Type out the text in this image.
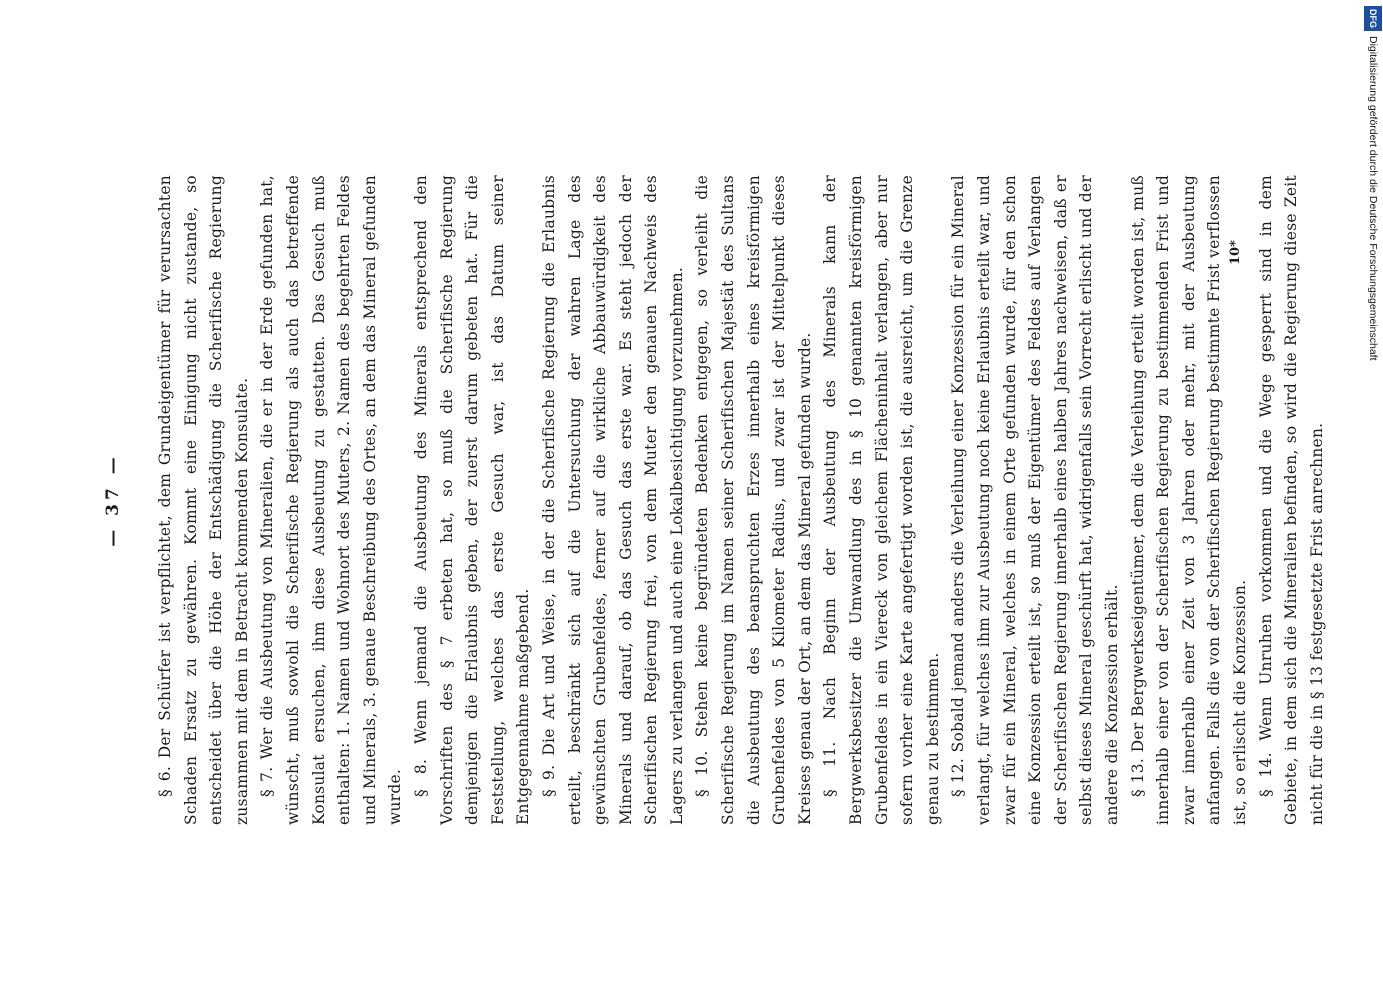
— 37 — § 6. Der Schürfer ist verpflichtet, dem Grundeigentümer für verursachten Schaden Ersatz zu gewähren. Kommt eine Einigung nicht zustande, so entscheidet über die Höhe der Entschädigung die Scherifische Regierung zusammen mit dem in Betracht kommenden Konsulate. § 7. Wer die Ausbeutung von Mineralien, die er in der Erde gefunden hat, wünscht, muß sowohl die Scherifische Regierung als auch das betreffende Konsulat ersuchen, ihm diese Ausbeutung zu gestatten. Das Gesuch muß enthalten: 1. Namen und Wohnort des Muters, 2. Namen des begehrten Feldes und Minerals, 3. genaue Beschreibung des Ortes, an dem das Mineral gefunden wurde. § 8. Wenn jemand die Ausbeutung des Minerals entsprechend den Vorschriften des § 7 erbeten hat, so muß die Scherifische Regierung demjenigen die Erlaubnis geben, der zuerst darum gebeten hat. Für die Feststellung, welches das erste Gesuch war, ist das Datum seiner Entgegennahme maßgebend. § 9. Die Art und Weise, in der die Scherifische Regierung die Erlaubnis erteilt, beschränkt sich auf die Untersuchung der wahren Lage des gewünschten Grubenfeldes, ferner auf die wirkliche Abbauwürdigkeit des Minerals und darauf, ob das Gesuch das erste war. Es steht jedoch der Scherifischen Regierung frei, von dem Muter den genauen Nachweis des Lagers zu verlangen und auch eine Lokalbesichtigung vorzunehmen. § 10. Stehen keine begründeten Bedenken entgegen, so verleiht die Scherifische Regierung im Namen seiner Scherifischen Majestät des Sultans die Ausbeutung des beanspruchten Erzes innerhalb eines kreisförmigen Grubenfeldes von 5 Kilometer Radius, und zwar ist der Mittelpunkt dieses Kreises genau der Ort, an dem das Mineral gefunden wurde. § 11. Nach Beginn der Ausbeutung des Minerals kann der Bergwerksbesitzer die Umwandlung des in § 10 genannten kreisförmigen Grubenfeldes in ein Viereck von gleichem Flächeninhalt verlangen, aber nur sofern vorher eine Karte angefertigt worden ist, die ausreicht, um die Grenze genau zu bestimmen. § 12. Sobald jemand anders die Verleihung einer Konzession für ein Mineral verlangt, für welches ihm zur Ausbeutung noch keine Erlaubnis erteilt war, und zwar für ein Mineral, welches in einem Orte gefunden wurde, für den schon eine Konzession erteilt ist, so muß der Eigentümer des Feldes auf Verlangen der Scherifischen Regierung innerhalb eines halben Jahres nachweisen, daß er selbst dieses Mineral geschürft hat, widrigenfalls sein Vorrecht erlischt und der andere die Konzession erhält. § 13. Der Bergwerkseigentümer, dem die Verleihung erteilt worden ist, muß innerhalb einer von der Scherifischen Regierung zu bestimmenden Frist und zwar innerhalb einer Zeit von 3 Jahren oder mehr, mit der Ausbeutung anfangen. Falls die von der Scherifischen Regierung bestimmte Frist verflossen ist, so erlischt die Konzession. § 14. Wenn Unruhen vorkommen und die Wege gesperrt sind in dem Gebiete, in dem sich die Mineralien befinden, so wird die Regierung diese Zeit nicht für die in § 13 festgesetzte Frist anrechnen.

10*
DFGDigitalisierung gefördert durch die Deutsche Forschungsgemeinschaft
